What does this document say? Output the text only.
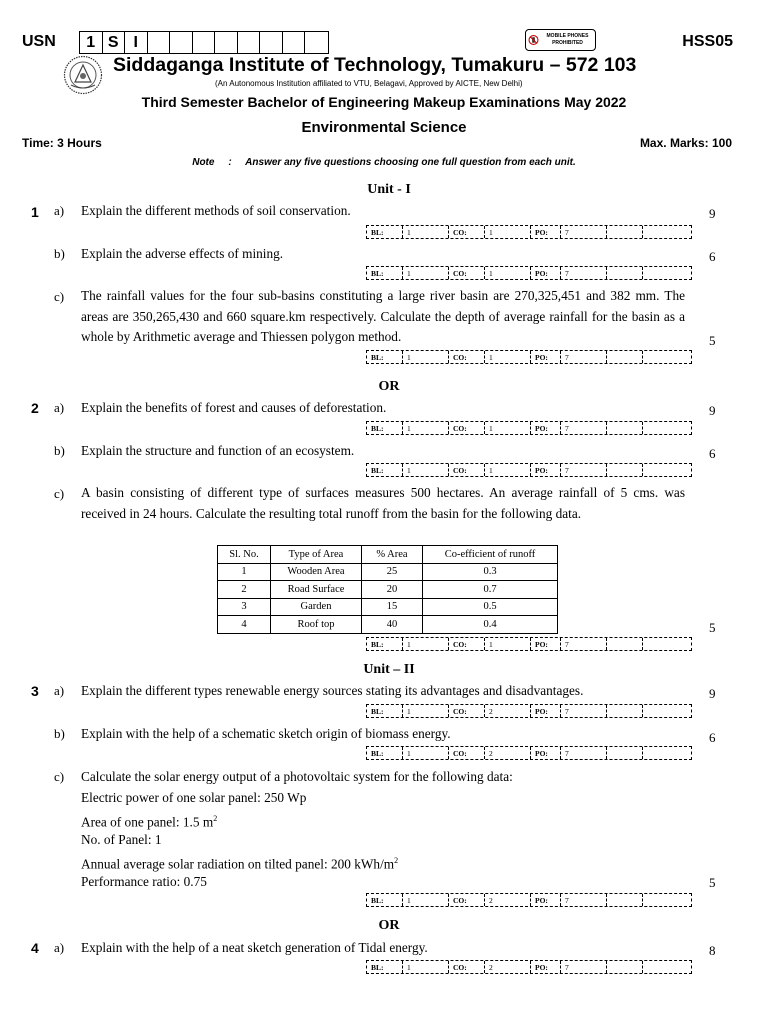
USN	1 S I	MOBILE PHONES PROHIBITED	HSS05
Siddaganga Institute of Technology, Tumakuru – 572 103
(An Autonomous Institution affiliated to VTU, Belagavi, Approved by AICTE, New Delhi)
Third Semester Bachelor of Engineering Makeup Examinations May 2022
Environmental Science
Time: 3 Hours	Max. Marks: 100
Note     :     Answer any five questions choosing one full question from each unit.
Unit - I
1 a) Explain the different methods of soil conservation.	9
BL:	1	CO:	1	PO:	7
b) Explain the adverse effects of mining.	6
BL:	1	CO:	1	PO:	7
c) The rainfall values for the four sub-basins constituting a large river basin are 270,325,451 and 382 mm. The areas are 350,265,430 and 660 square.km respectively. Calculate the depth of average rainfall for the basin as a whole by Arithmetic average and Thiessen polygon method.	5
BL:	1	CO:	1	PO:	7
OR
2 a) Explain the benefits of forest and causes of deforestation.	9
BL:	1	CO:	1	PO:	7
b) Explain the structure and function of an ecosystem.	6
BL:	1	CO:	1	PO:	7
c) A basin consisting of different type of surfaces measures 500 hectares. An average rainfall of 5 cms. was received in 24 hours. Calculate the resulting total runoff from the basin for the following data.
Sl. No.	Type of Area	% Area	Co-efficient of runoff
1	Wooden Area	25	0.3
2	Road Surface	20	0.7
3	Garden	15	0.5
4	Roof top	40	0.4	5
BL:	1	CO:	1	PO:	7
Unit – II
3 a) Explain the different types renewable energy sources stating its advantages and disadvantages.	9
BL:	1	CO:	2	PO:	7
b) Explain with the help of a schematic sketch origin of biomass energy.	6
BL:	1	CO:	2	PO:	7
c) Calculate the solar energy output of a photovoltaic system for the following data:
Electric power of one solar panel: 250 Wp
Area of one panel: 1.5 $m^2$
No. of Panel: 1
Annual average solar radiation on tilted panel: 200 kWh/$m^2$
Performance ratio: 0.75	5
BL:	1	CO:	2	PO:	7
OR
4 a) Explain with the help of a neat sketch generation of Tidal energy.	8
BL:	1	CO:	2	PO:	7
